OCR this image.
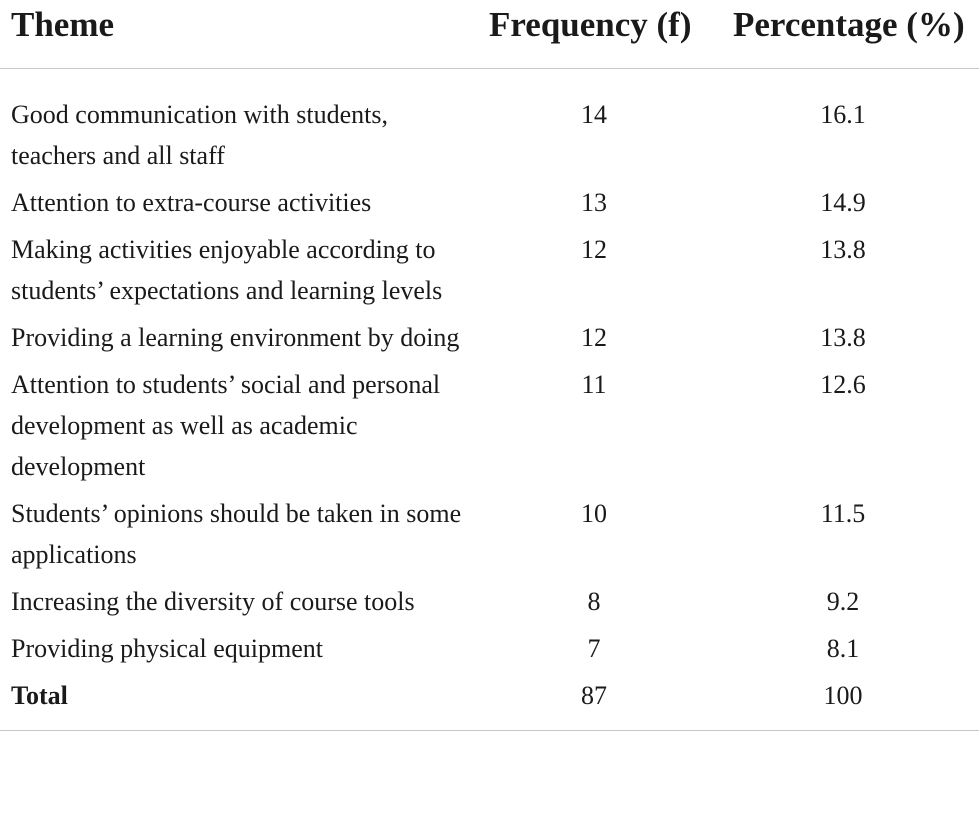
Theme	Frequency (f)	Percentage (%)
Good communication with students, teachers and all staff	14	16.1
Attention to extra-course activities	13	14.9
Making activities enjoyable according to students’ expectations and learning levels	12	13.8
Providing a learning environment by doing	12	13.8
Attention to students’ social and personal development as well as academic development	11	12.6
Students’ opinions should be taken in some applications	10	11.5
Increasing the diversity of course tools	8	9.2
Providing physical equipment	7	8.1
Total	87	100
